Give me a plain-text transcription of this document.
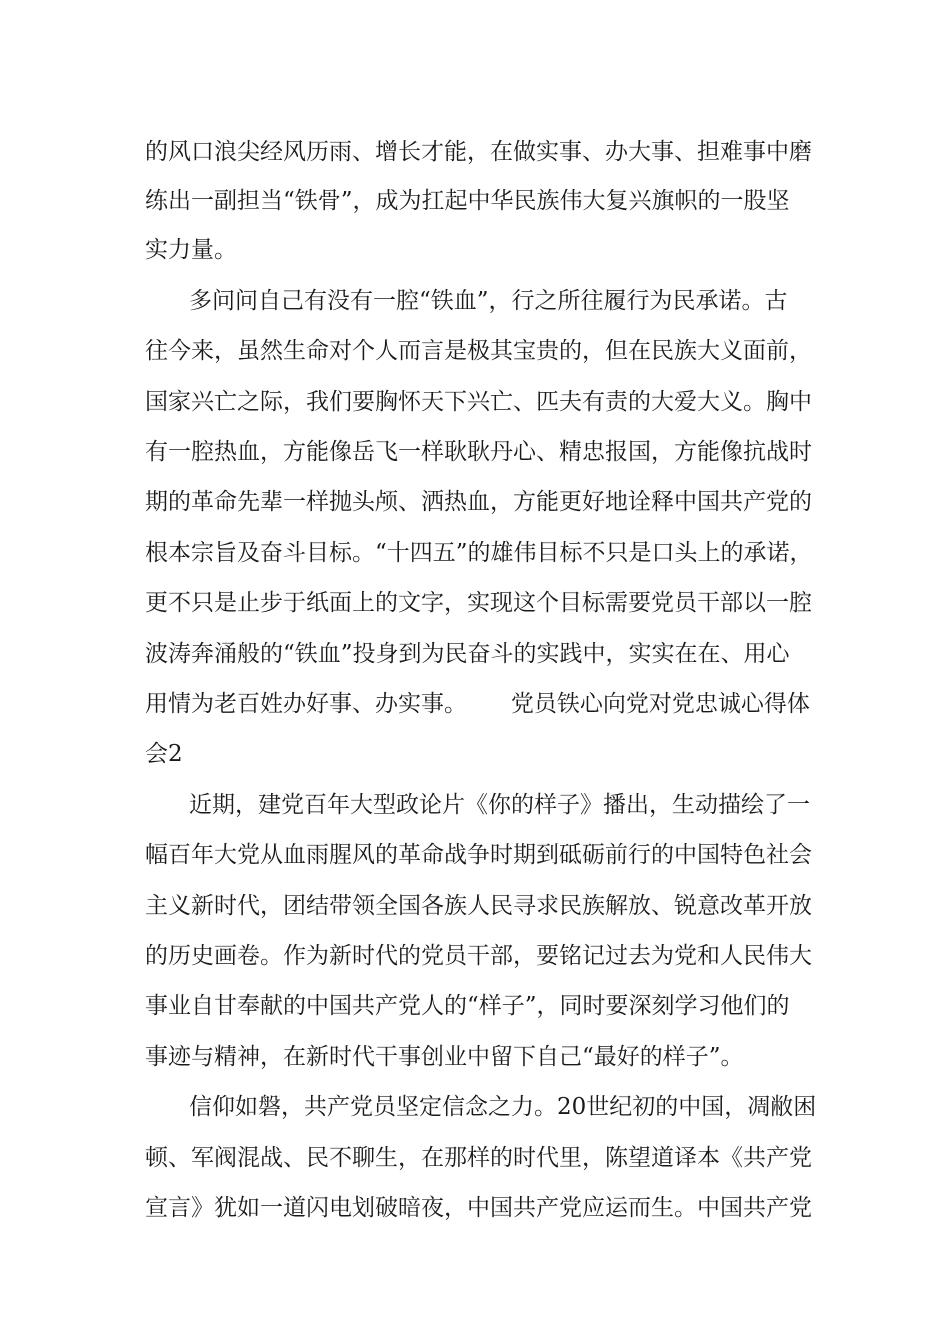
的风口浪尖经风历雨、增长才能，在做实事、办大事、担难事中磨

练出一副担当“铁骨”，成为扛起中华民族伟大复兴旗帜的一股坚

实力量。

多问问自己有没有一腔“铁血”，行之所往履行为民承诺。古

往今来，虽然生命对个人而言是极其宝贵的，但在民族大义面前，

国家兴亡之际，我们要胸怀天下兴亡、匹夫有责的大爱大义。胸中

有一腔热血，方能像岳飞一样耿耿丹心、精忠报国，方能像抗战时

期的革命先辈一样抛头颅、洒热血，方能更好地诠释中国共产党的

根本宗旨及奋斗目标。“十四五”的雄伟目标不只是口头上的承诺，

更不只是止步于纸面上的文字，实现这个目标需要党员干部以一腔

波涛奔涌般的“铁血”投身到为民奋斗的实践中，实实在在、用心

用情为老百姓办好事、办实事。      党员铁心向党对党忠诚心得体

会2

近期，建党百年大型政论片《你的样子》播出，生动描绘了一

幅百年大党从血雨腥风的革命战争时期到砥砺前行的中国特色社会

主义新时代，团结带领全国各族人民寻求民族解放、锐意改革开放

的历史画卷。作为新时代的党员干部，要铭记过去为党和人民伟大

事业自甘奉献的中国共产党人的“样子”，同时要深刻学习他们的

事迹与精神，在新时代干事创业中留下自己“最好的样子”。

信仰如磐，共产党员坚定信念之力。20世纪初的中国，凋敝困

顿、军阀混战、民不聊生，在那样的时代里，陈望道译本《共产党

宣言》犹如一道闪电划破暗夜，中国共产党应运而生。中国共产党
